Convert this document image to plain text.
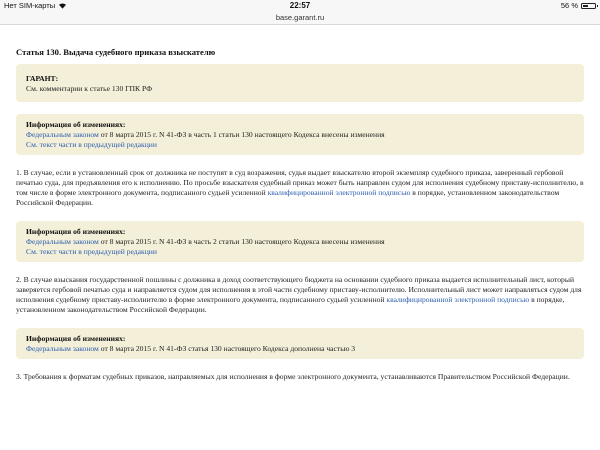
Нет SIM-карты	22:57	56 %
base.garant.ru
Статья 130. Выдача судебного приказа взыскателю
ГАРАНТ:
См. комментарии к статье 130 ГПК РФ
Информация об изменениях:
Федеральным законом от 8 марта 2015 г. N 41-ФЗ в часть 1 статьи 130 настоящего Кодекса внесены изменения
См. текст части в предыдущей редакции

1. В случае, если в установленный срок от должника не поступят в суд возражения, судья выдает взыскателю второй экземпляр судебного приказа, заверенный гербовой печатью суда, для предъявления его к исполнению. По просьбе взыскателя судебный приказ может быть направлен судом для исполнения судебному приставу-исполнителю, в том числе в форме электронного документа, подписанного судьей усиленной квалифицированной электронной подписью в порядке, установленном законодательством Российской Федерации.

Информация об изменениях:
Федеральным законом от 8 марта 2015 г. N 41-ФЗ в часть 2 статьи 130 настоящего Кодекса внесены изменения
См. текст части в предыдущей редакции

2. В случае взыскания государственной пошлины с должника в доход соответствующего бюджета на основании судебного приказа выдается исполнительный лист, который заверяется гербовой печатью суда и направляется судом для исполнения в этой части судебному приставу-исполнителю. Исполнительный лист может направляться судом для исполнения судебному приставу-исполнителю в форме электронного документа, подписанного судьей усиленной квалифицированной электронной подписью в порядке, установленном законодательством Российской Федерации.

Информация об изменениях:
Федеральным законом от 8 марта 2015 г. N 41-ФЗ статья 130 настоящего Кодекса дополнена частью 3

3. Требования к форматам судебных приказов, направляемых для исполнения в форме электронного документа, устанавливаются Правительством Российской Федерации.
